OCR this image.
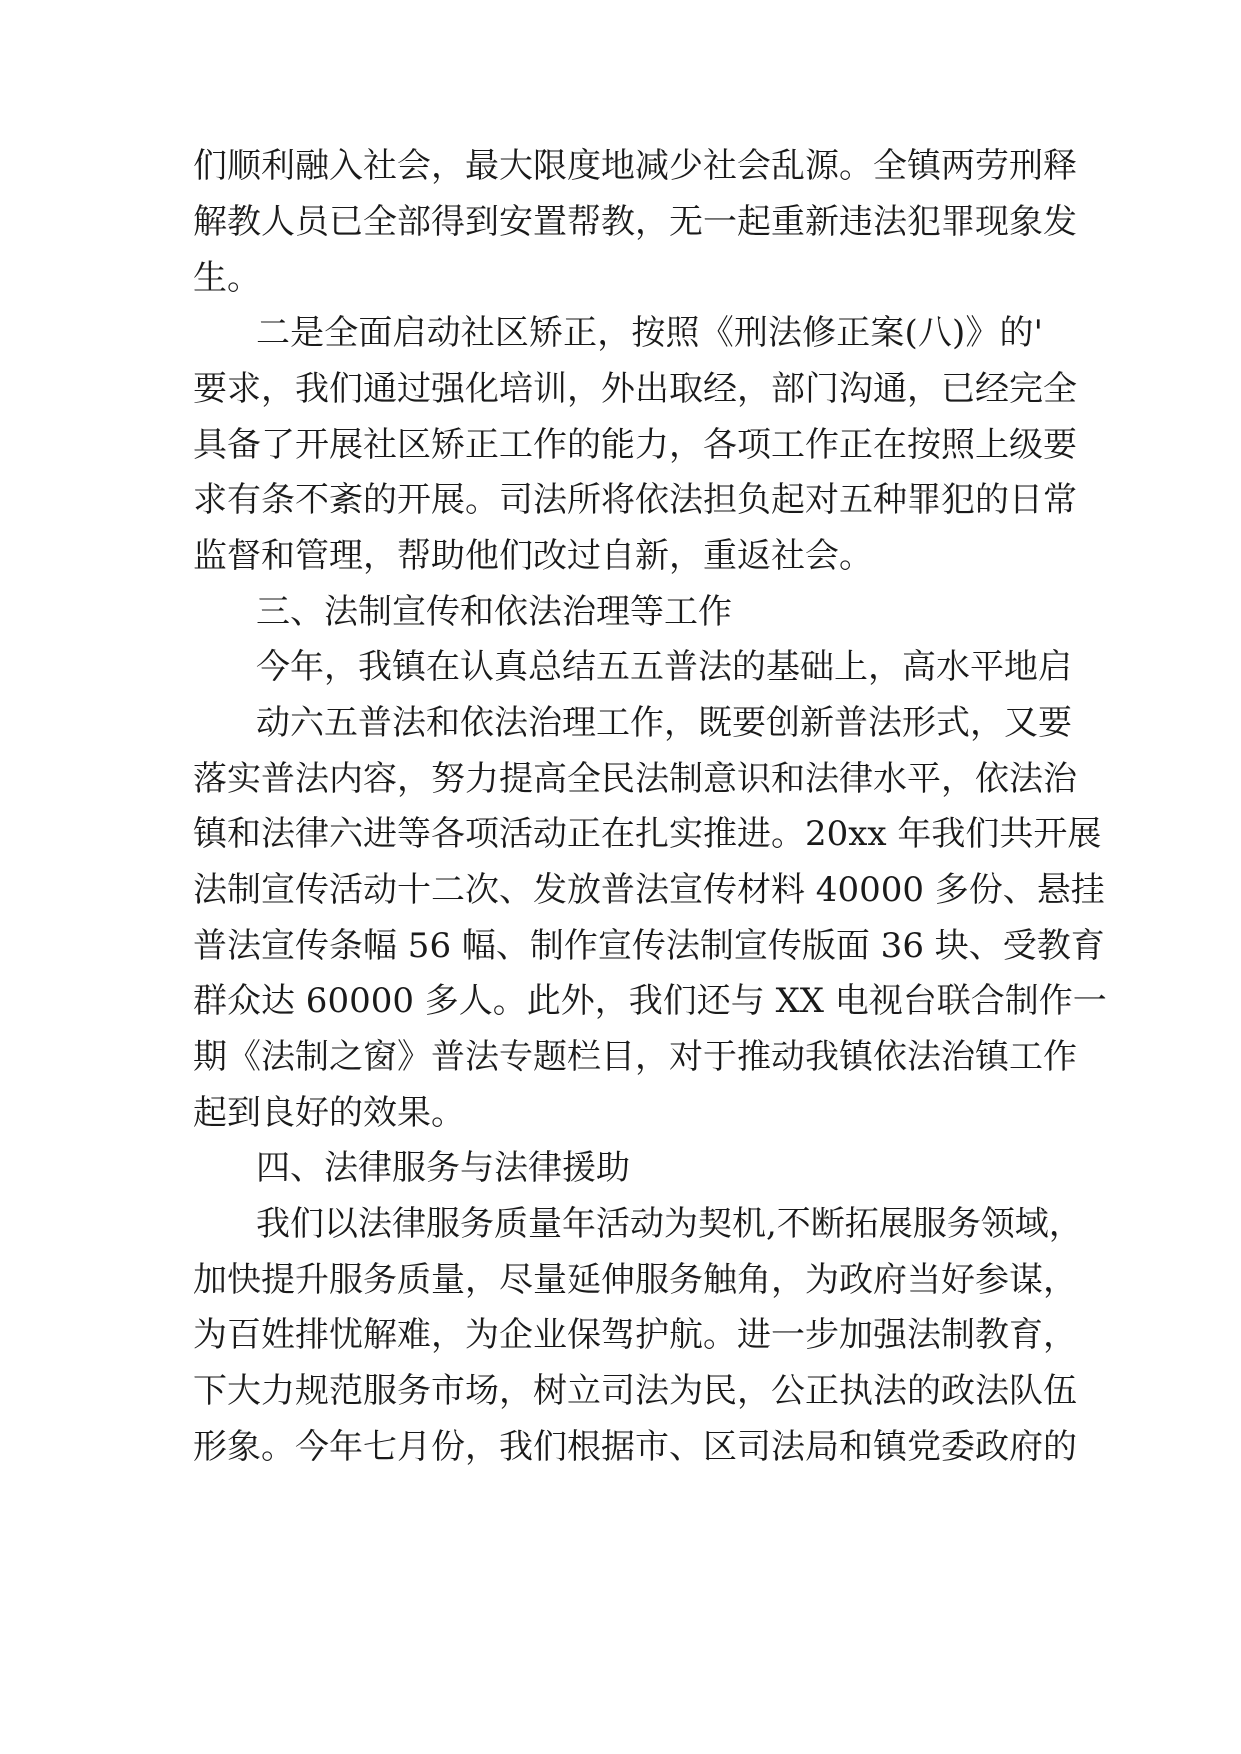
们顺利融入社会，最大限度地减少社会乱源。全镇两劳刑释

解教人员已全部得到安置帮教，无一起重新违法犯罪现象发

生。

二是全面启动社区矫正，按照《刑法修正案(八)》的'

要求，我们通过强化培训，外出取经，部门沟通，已经完全

具备了开展社区矫正工作的能力，各项工作正在按照上级要

求有条不紊的开展。司法所将依法担负起对五种罪犯的日常

监督和管理，帮助他们改过自新，重返社会。

三、法制宣传和依法治理等工作

今年，我镇在认真总结五五普法的基础上，高水平地启

动六五普法和依法治理工作，既要创新普法形式，又要

落实普法内容，努力提高全民法制意识和法律水平，依法治

镇和法律六进等各项活动正在扎实推进。20xx 年我们共开展

法制宣传活动十二次、发放普法宣传材料 40000 多份、悬挂

普法宣传条幅 56 幅、制作宣传法制宣传版面 36 块、受教育

群众达 60000 多人。此外，我们还与 XX 电视台联合制作一

期《法制之窗》普法专题栏目，对于推动我镇依法治镇工作

起到良好的效果。

四、法律服务与法律援助

我们以法律服务质量年活动为契机,不断拓展服务领域，

加快提升服务质量，尽量延伸服务触角，为政府当好参谋，

为百姓排忧解难，为企业保驾护航。进一步加强法制教育，

下大力规范服务市场，树立司法为民，公正执法的政法队伍

形象。今年七月份，我们根据市、区司法局和镇党委政府的
